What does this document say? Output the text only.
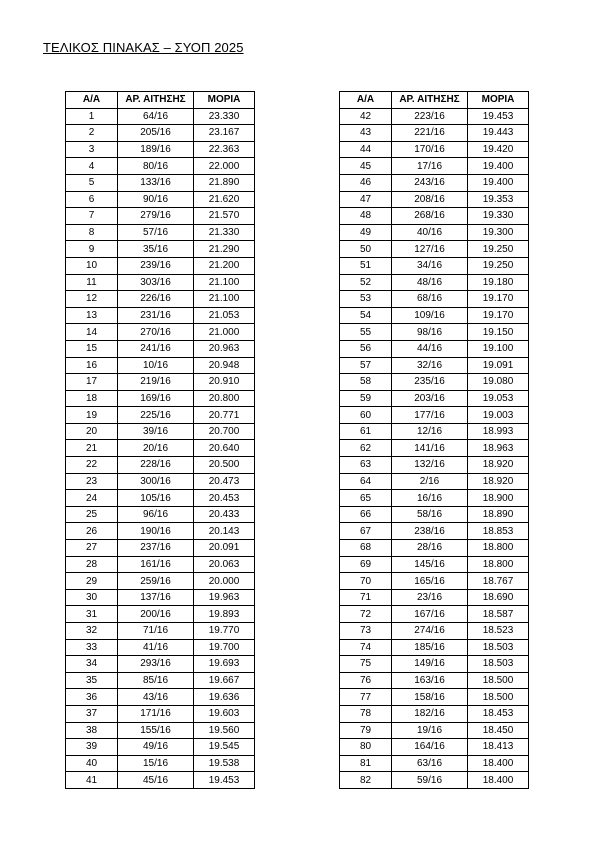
ΤΕΛΙΚΟΣ ΠΙΝΑΚΑΣ – ΣΥΟΠ 2025
Α/Α	ΑΡ. ΑΙΤΗΣΗΣ	ΜΟΡΙΑ
1	64/16	23.330
2	205/16	23.167
3	189/16	22.363
4	80/16	22.000
5	133/16	21.890
6	90/16	21.620
7	279/16	21.570
8	57/16	21.330
9	35/16	21.290
10	239/16	21.200
11	303/16	21.100
12	226/16	21.100
13	231/16	21.053
14	270/16	21.000
15	241/16	20.963
16	10/16	20.948
17	219/16	20.910
18	169/16	20.800
19	225/16	20.771
20	39/16	20.700
21	20/16	20.640
22	228/16	20.500
23	300/16	20.473
24	105/16	20.453
25	96/16	20.433
26	190/16	20.143
27	237/16	20.091
28	161/16	20.063
29	259/16	20.000
30	137/16	19.963
31	200/16	19.893
32	71/16	19.770
33	41/16	19.700
34	293/16	19.693
35	85/16	19.667
36	43/16	19.636
37	171/16	19.603
38	155/16	19.560
39	49/16	19.545
40	15/16	19.538
41	45/16	19.453
Α/Α	ΑΡ. ΑΙΤΗΣΗΣ	ΜΟΡΙΑ
42	223/16	19.453
43	221/16	19.443
44	170/16	19.420
45	17/16	19.400
46	243/16	19.400
47	208/16	19.353
48	268/16	19.330
49	40/16	19.300
50	127/16	19.250
51	34/16	19.250
52	48/16	19.180
53	68/16	19.170
54	109/16	19.170
55	98/16	19.150
56	44/16	19.100
57	32/16	19.091
58	235/16	19.080
59	203/16	19.053
60	177/16	19.003
61	12/16	18.993
62	141/16	18.963
63	132/16	18.920
64	2/16	18.920
65	16/16	18.900
66	58/16	18.890
67	238/16	18.853
68	28/16	18.800
69	145/16	18.800
70	165/16	18.767
71	23/16	18.690
72	167/16	18.587
73	274/16	18.523
74	185/16	18.503
75	149/16	18.503
76	163/16	18.500
77	158/16	18.500
78	182/16	18.453
79	19/16	18.450
80	164/16	18.413
81	63/16	18.400
82	59/16	18.400
